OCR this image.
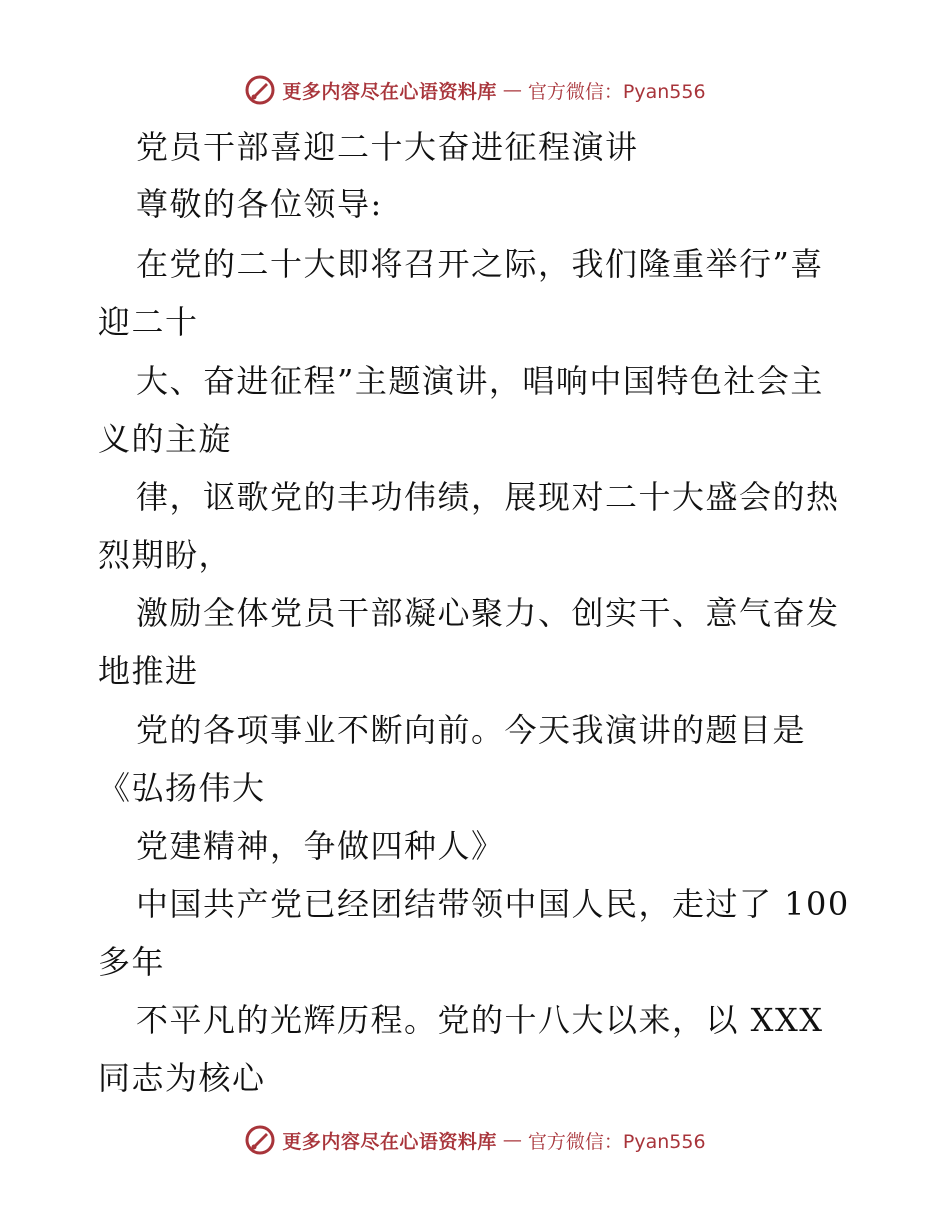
更多内容尽在心语资料库 — 官方微信：Pyan556
党员干部喜迎二十大奋进征程演讲
尊敬的各位领导:
在党的二十大即将召开之际，我们隆重举行”喜
迎二十
大、奋进征程”主题演讲，唱响中国特色社会主
义的主旋
律，讴歌党的丰功伟绩，展现对二十大盛会的热
烈期盼，
激励全体党员干部凝心聚力、创实干、意气奋发
地推进
党的各项事业不断向前。今天我演讲的题目是
《弘扬伟大
党建精神，争做四种人》
中国共产党已经团结带领中国人民，走过了 100
多年
不平凡的光辉历程。党的十八大以来，以 XXX
同志为核心
更多内容尽在心语资料库 — 官方微信：Pyan556
